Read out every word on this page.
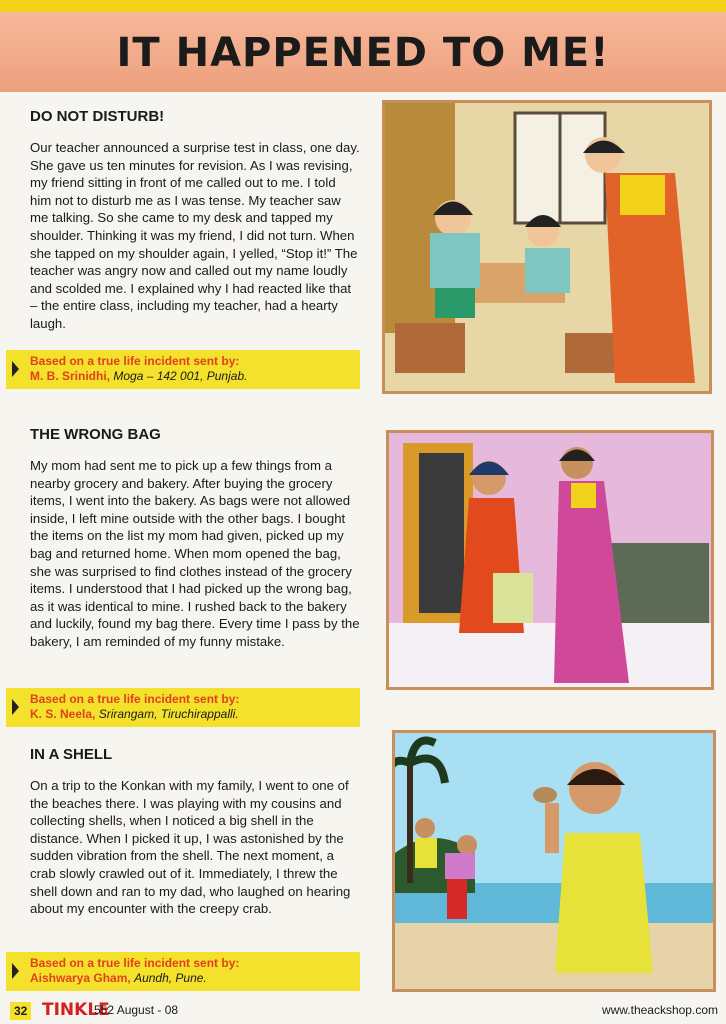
IT HAPPENED TO ME!
DO NOT DISTURB!

Our teacher announced a surprise test in class, one day. She gave us ten minutes for revision. As I was revising, my friend sitting in front of me called out to me. I told him not to disturb me as I was tense. My teacher saw me talking. So she came to my desk and tapped my shoulder. Thinking it was my friend, I did not turn. When she tapped on my shoulder again, I yelled, “Stop it!” The teacher was angry now and called out my name loudly and scolded me. I explained why I had reacted like that – the entire class, including my teacher, had a hearty laugh.

Based on a true life incident sent by:
M. B. Srinidhi, Moga – 142 001, Punjab.
THE WRONG BAG

My mom had sent me to pick up a few things from a nearby grocery and bakery. After buying the grocery items, I went into the bakery. As bags were not allowed inside, I left mine outside with the other bags. I bought the items on the list my mom had given, picked up my bag and returned home. When mom opened the bag, she was surprised to find clothes instead of the grocery items. I understood that I had picked up the wrong bag, as it was identical to mine. I rushed back to the bakery and luckily, found my bag there. Every time I pass by the bakery, I am reminded of my funny mistake.

Based on a true life incident sent by:
K. S. Neela, Srirangam, Tiruchirappalli.
IN A SHELL

On a trip to the Konkan with my family, I went to one of the beaches there. I was playing with my cousins and collecting shells, when I noticed a big shell in the distance. When I picked it up, I was astonished by the sudden vibration from the shell. The next moment, a crab slowly crawled out of it. Immediately, I threw the shell down and ran to my dad, who laughed on hearing about my encounter with the creepy crab.

Based on a true life incident sent by:
Aishwarya Gham, Aundh, Pune.
32 TINKLE
552 August - 08	www.theackshop.com
